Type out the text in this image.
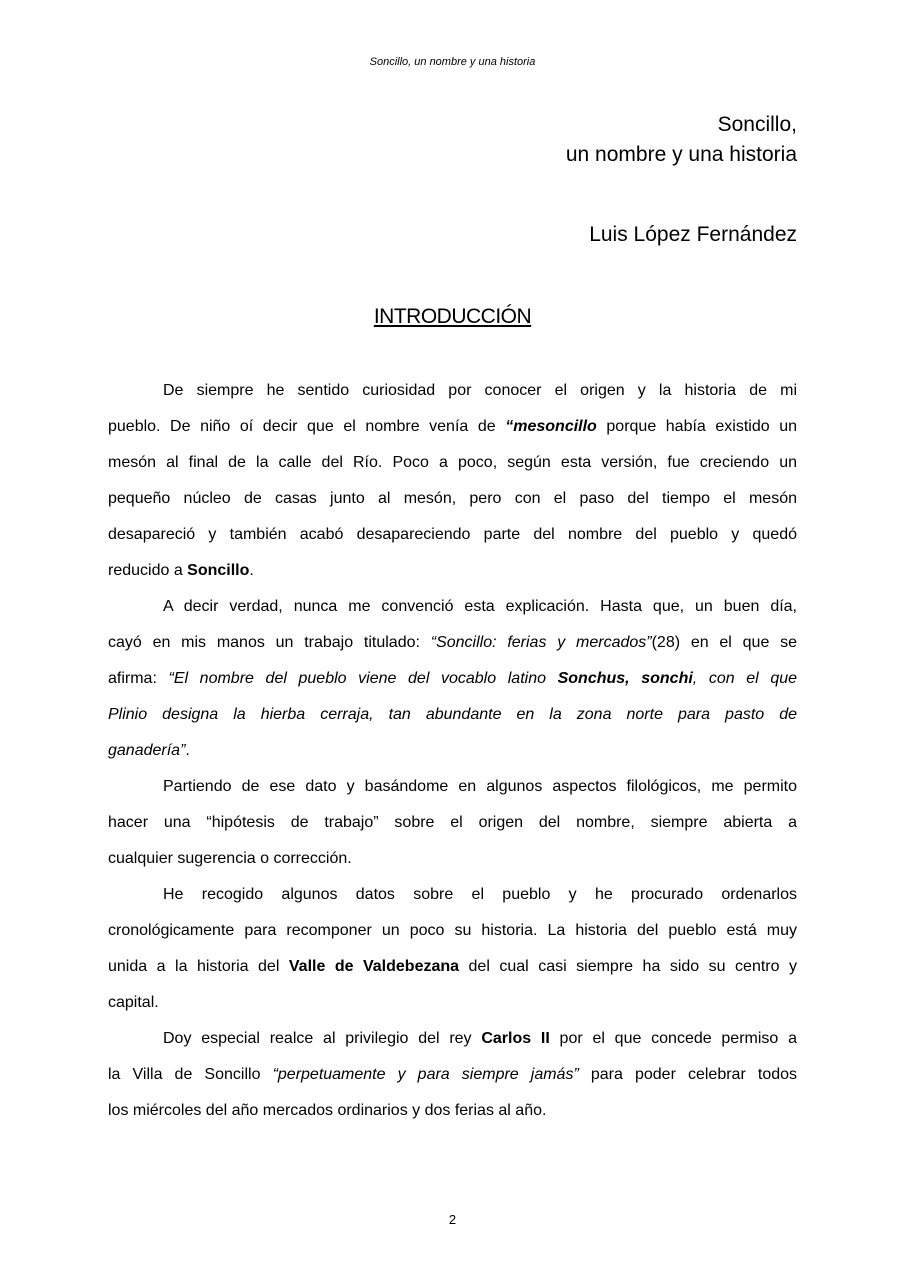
Soncillo, un nombre y una historia
Soncillo,
un nombre y una historia
Luis López Fernández
INTRODUCCIÓN
De siempre he sentido curiosidad por conocer el origen y la historia de mi
pueblo. De niño oí decir que el nombre venía de “mesoncillo porque había existido un
mesón al final de la calle del Río. Poco a poco, según esta versión, fue creciendo un
pequeño núcleo de casas junto al mesón, pero con el paso del tiempo el mesón
desapareció y también acabó desapareciendo parte del nombre del pueblo y quedó
reducido a Soncillo.
A decir verdad, nunca me convenció esta explicación. Hasta que, un buen día,
cayó en mis manos un trabajo titulado: “Soncillo: ferias y mercados”(28) en el que se
afirma: “El nombre del pueblo viene del vocablo latino Sonchus, sonchi, con el que
Plinio designa la hierba cerraja, tan abundante en la zona norte para pasto de
ganadería”.
Partiendo de ese dato y basándome en algunos aspectos filológicos, me permito
hacer una “hipótesis de trabajo” sobre el origen del nombre, siempre abierta a
cualquier sugerencia o corrección.
He recogido algunos datos sobre el pueblo y he procurado ordenarlos
cronológicamente para recomponer un poco su historia. La historia del pueblo está muy
unida a la historia del Valle de Valdebezana del cual casi siempre ha sido su centro y
capital.
Doy especial realce al privilegio del rey Carlos II por el que concede permiso a
la Villa de Soncillo “perpetuamente y para siempre jamás” para poder celebrar todos
los miércoles del año mercados ordinarios y dos ferias al año.
2
